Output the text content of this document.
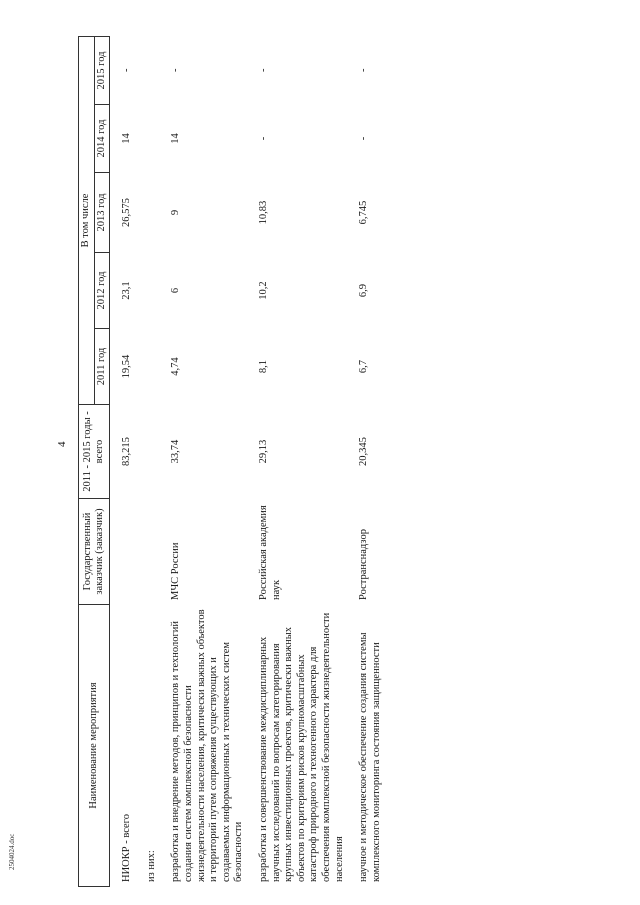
4
2504024.doc
Наименование мероприятия	Государственный заказчик (заказчик)	2011 - 2015 годы - всего	В том числе				
			2011 год	2012 год	2013 год	2014 год	2015 год

НИОКР - всего		83,215	19,54	23,1	26,575	14	-

из них:							

разработка и внедрение методов, принципов и технологий создания систем комплексной безопасности жизнедеятельности населения, критически важных объектов и территорий путем сопряжения существующих и создаваемых информационных и технических систем безопасности	МЧС России	33,74	4,74	6	9	14	-

разработка и совершенствование междисциплинарных научных исследований по вопросам категорирования крупных инвестиционных проектов, критически важных объектов по критериям рисков крупномасштабных катастроф природного и техногенного характера для обеспечения комплексной безопасности жизнедеятельности населения	Российская академия наук	29,13	8,1	10,2	10,83	-	-

научное и методическое обеспечение создания системы комплексного мониторинга состояния защищенности	Ространснадзор	20,345	6,7	6,9	6,745	-	-
